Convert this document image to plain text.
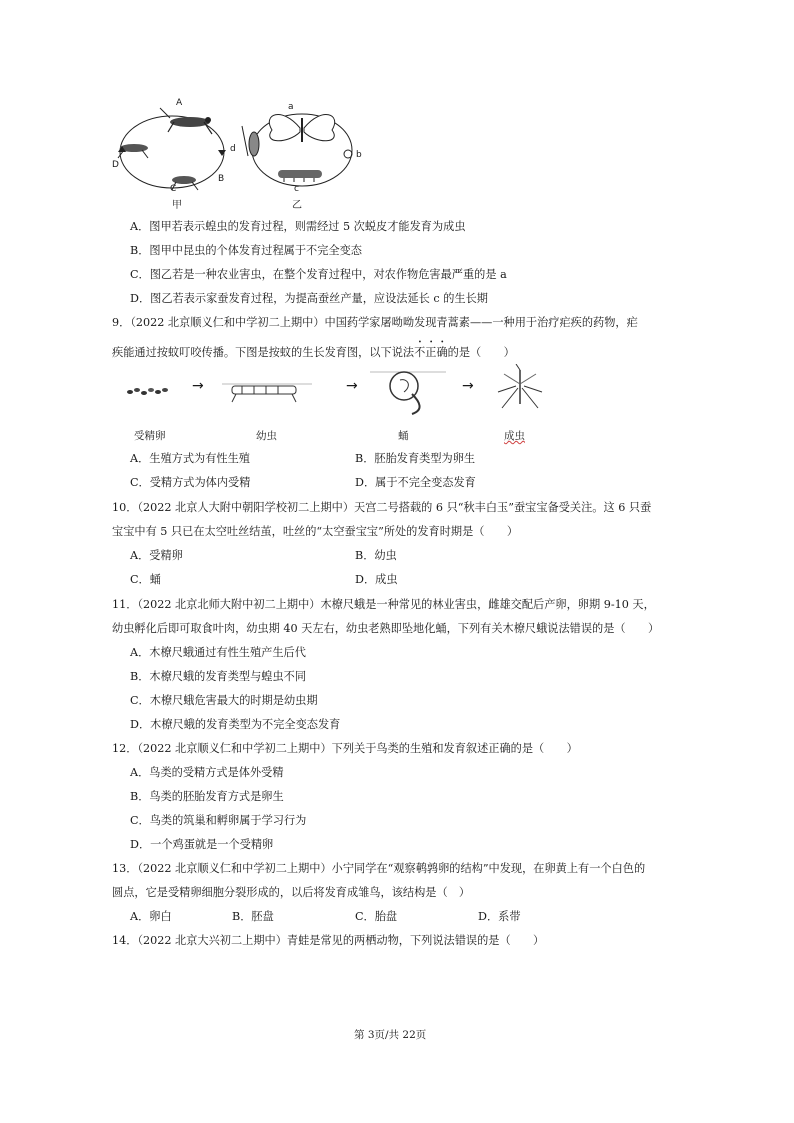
A
D
C
B
甲
a
b
c
d
乙
A．图甲若表示蝗虫的发育过程，则需经过 5 次蜕皮才能发育为成虫
B．图甲中昆虫的个体发育过程属于不完全变态
C．图乙若是一种农业害虫，在整个发育过程中，对农作物危害最严重的是 a
D．图乙若表示家蚕发育过程，为提高蚕丝产量，应设法延长 c 的生长期
9．（2022 北京顺义仁和中学初二上期中）中国药学家屠呦呦发现青蒿素——一种用于治疗疟疾的药物，疟
疾能通过按蚊叮咬传播。下图是按蚊的生长发育图，以下说法不正确的是（　　）
→	→	→
受精卵	幼虫	蛹	成虫
A．生殖方式为有性生殖	B．胚胎发育类型为卵生
C．受精方式为体内受精	D．属于不完全变态发育
10．（2022 北京人大附中朝阳学校初二上期中）天宫二号搭载的 6 只“秋丰白玉”蚕宝宝备受关注。这 6 只蚕
宝宝中有 5 只已在太空吐丝结茧，吐丝的“太空蚕宝宝”所处的发育时期是（　　）
A．受精卵	B．幼虫
C．蛹	D．成虫
11．（2022 北京北师大附中初二上期中）木橑尺蛾是一种常见的林业害虫，雌雄交配后产卵，卵期 9-10 天，
幼虫孵化后即可取食叶肉，幼虫期 40 天左右，幼虫老熟即坠地化蛹，下列有关木橑尺蛾说法错误的是（　　）
A．木橑尺蛾通过有性生殖产生后代
B．木橑尺蛾的发育类型与蝗虫不同
C．木橑尺蛾危害最大的时期是幼虫期
D．木橑尺蛾的发育类型为不完全变态发育
12．（2022 北京顺义仁和中学初二上期中）下列关于鸟类的生殖和发育叙述正确的是（　　）
A．鸟类的受精方式是体外受精
B．鸟类的胚胎发育方式是卵生
C．鸟类的筑巢和孵卵属于学习行为
D．一个鸡蛋就是一个受精卵
13．（2022 北京顺义仁和中学初二上期中）小宁同学在“观察鹌鹑卵的结构”中发现，在卵黄上有一个白色的
圆点，它是受精卵细胞分裂形成的，以后将发育成雏鸟，该结构是（　）
A．卵白	B．胚盘	C．胎盘	D．系带
14．（2022 北京大兴初二上期中）青蛙是常见的两栖动物，下列说法错误的是（　　）
第 3页/共 22页
